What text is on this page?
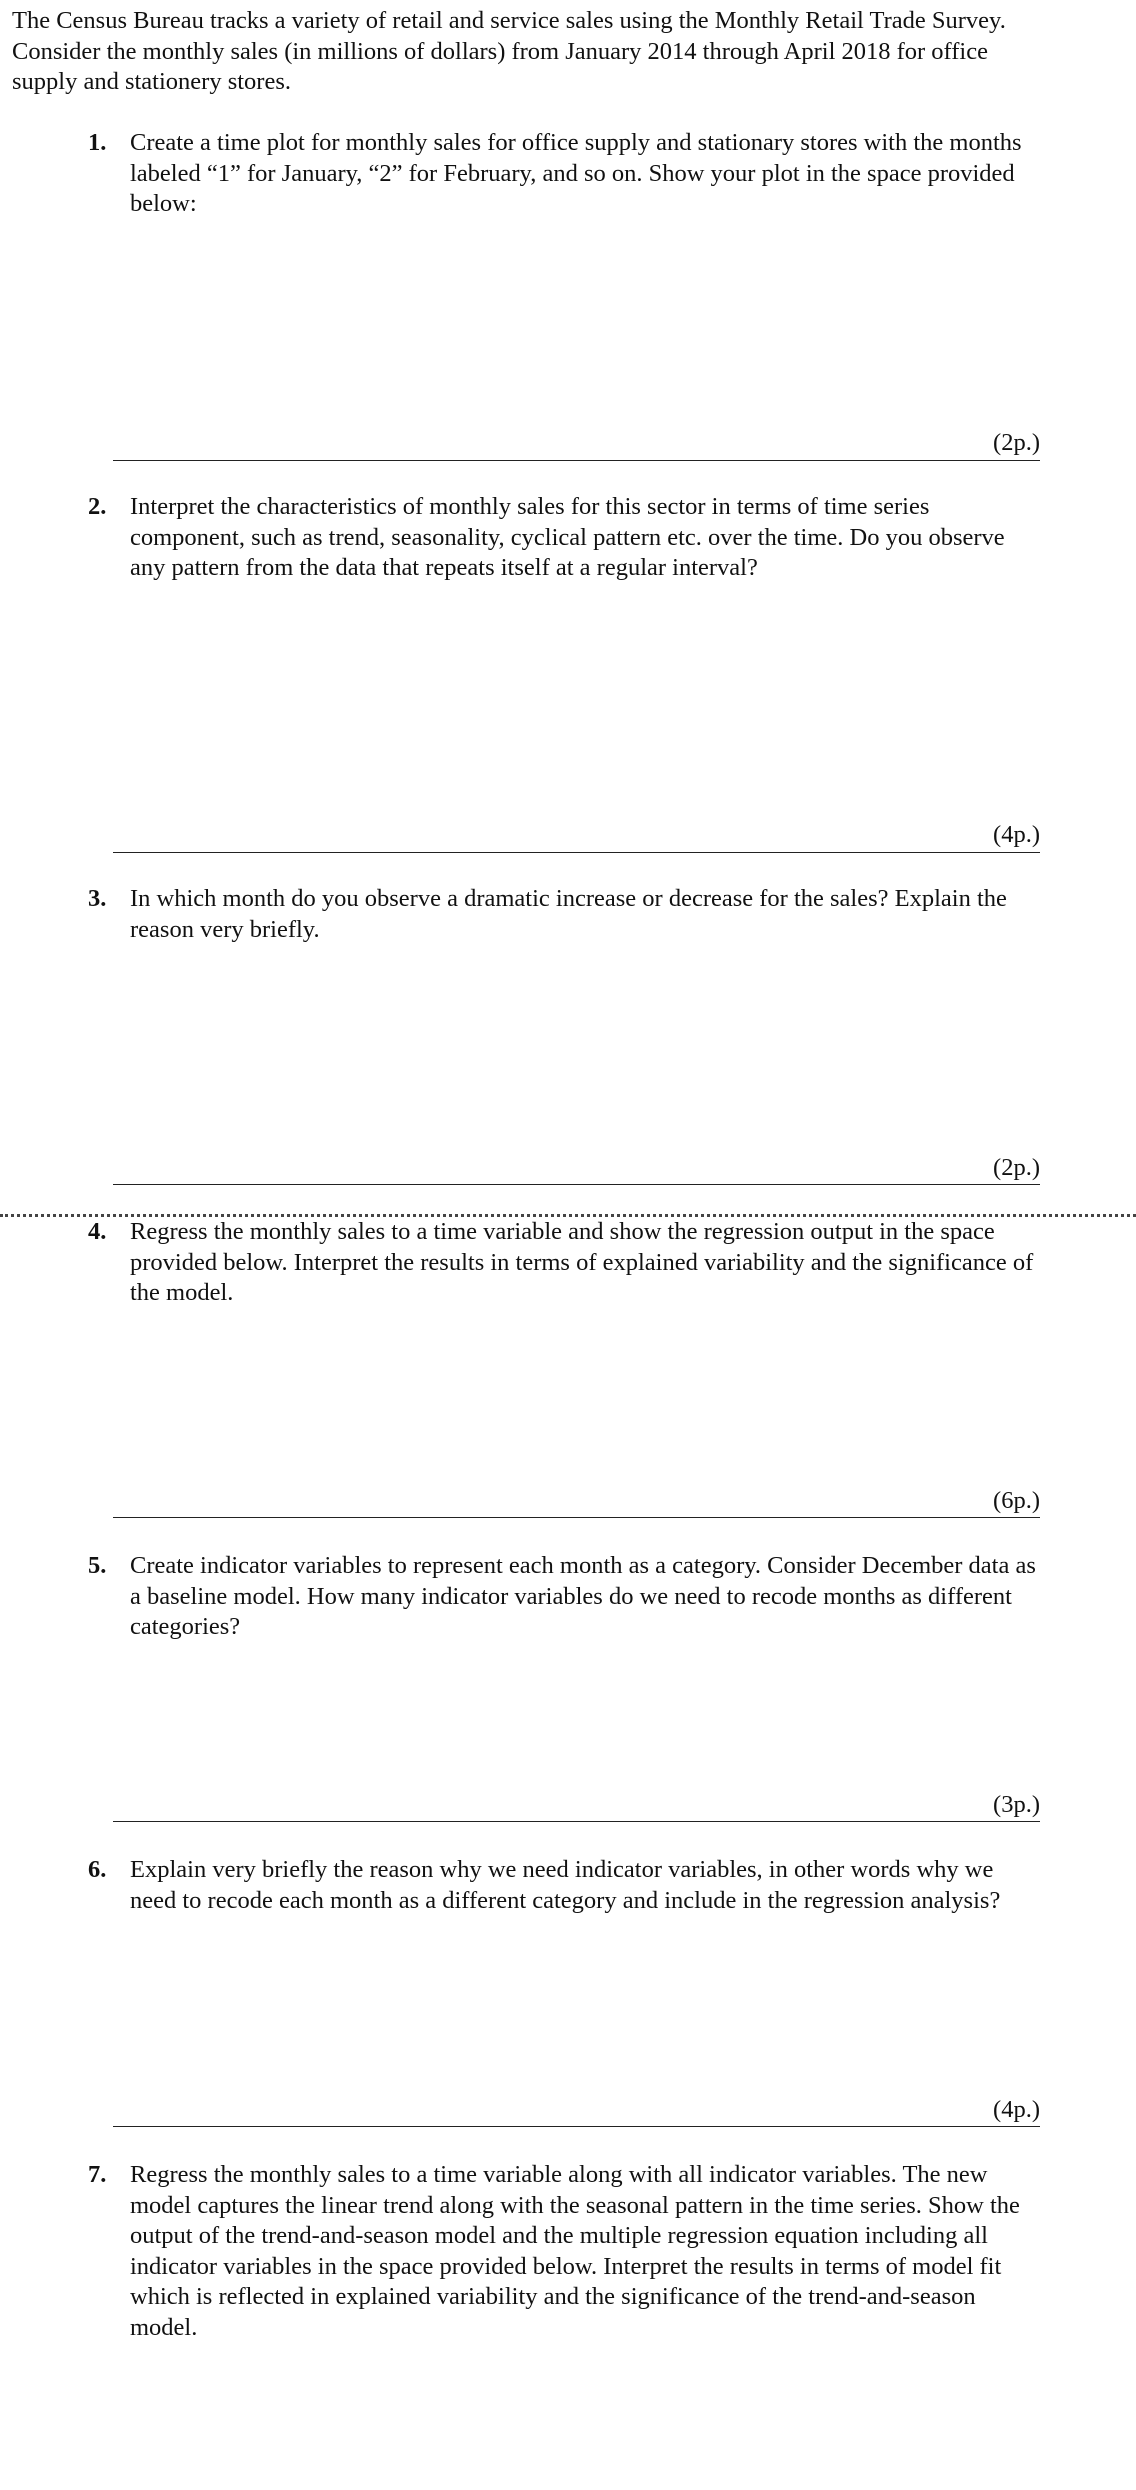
The Census Bureau tracks a variety of retail and service sales using the Monthly Retail Trade Survey. Consider the monthly sales (in millions of dollars) from January 2014 through April 2018 for office supply and stationery stores.
1. Create a time plot for monthly sales for office supply and stationary stores with the months labeled “1” for January, “2” for February, and so on. Show your plot in the space provided below:
(2p.)
2. Interpret the characteristics of monthly sales for this sector in terms of time series component, such as trend, seasonality, cyclical pattern etc. over the time. Do you observe any pattern from the data that repeats itself at a regular interval?
(4p.)
3. In which month do you observe a dramatic increase or decrease for the sales? Explain the reason very briefly.
(2p.)
4. Regress the monthly sales to a time variable and show the regression output in the space provided below. Interpret the results in terms of explained variability and the significance of the model.
(6p.)
5. Create indicator variables to represent each month as a category. Consider December data as a baseline model. How many indicator variables do we need to recode months as different categories?
(3p.)
6. Explain very briefly the reason why we need indicator variables, in other words why we need to recode each month as a different category and include in the regression analysis?
(4p.)
7. Regress the monthly sales to a time variable along with all indicator variables. The new model captures the linear trend along with the seasonal pattern in the time series. Show the output of the trend-and-season model and the multiple regression equation including all indicator variables in the space provided below. Interpret the results in terms of model fit which is reflected in explained variability and the significance of the trend-and-season model.
